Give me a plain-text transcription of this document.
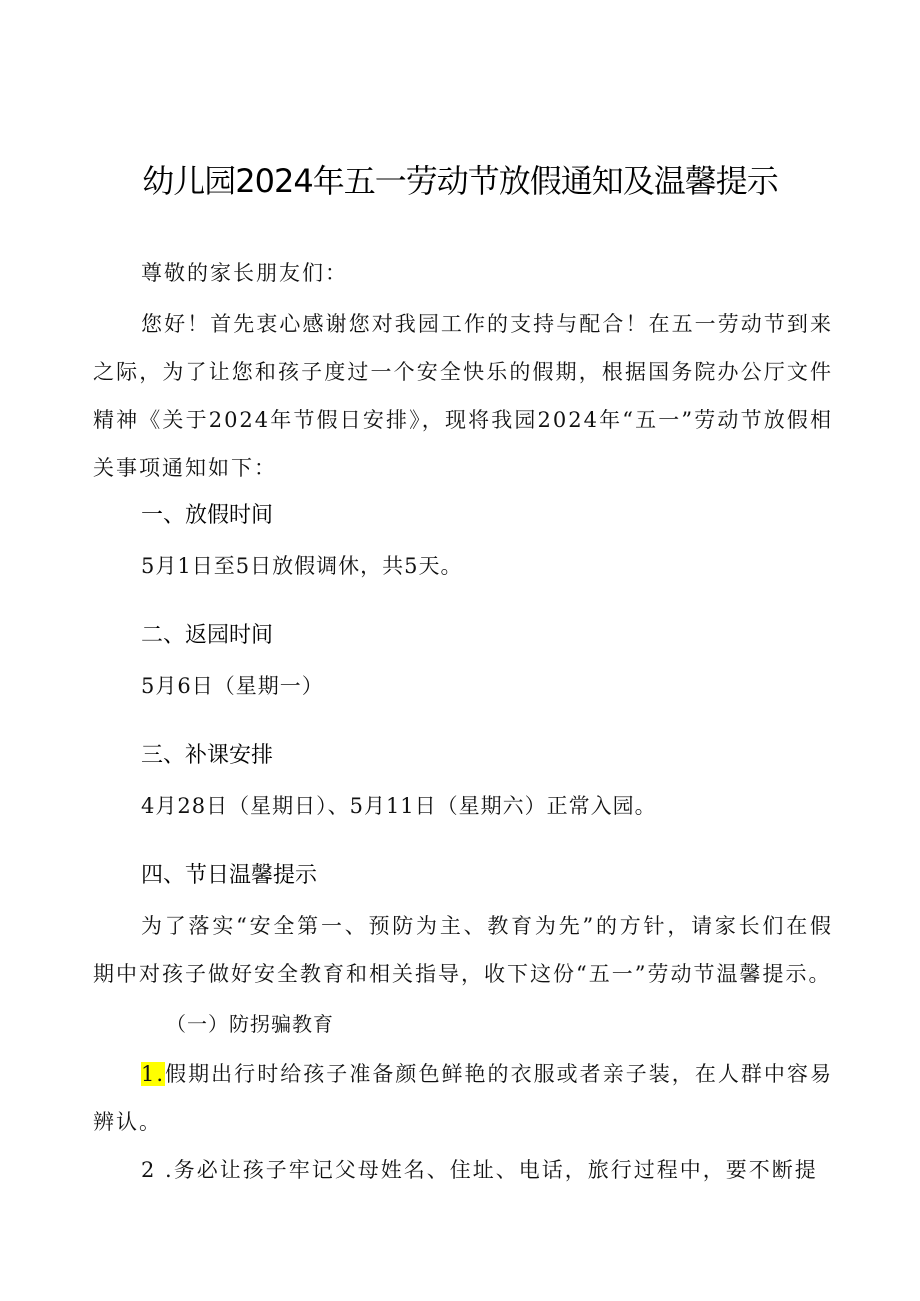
幼儿园2024年五一劳动节放假通知及温馨提示
尊敬的家长朋友们：
您好！首先衷心感谢您对我园工作的支持与配合！在五一劳动节到来之际，为了让您和孩子度过一个安全快乐的假期，根据国务院办公厅文件精神《关于2024年节假日安排》，现将我园2024年“五一”劳动节放假相关事项通知如下：
一、放假时间
5月1日至5日放假调休，共5天。
二、返园时间
5月6日（星期一）
三、补课安排
4月28日（星期日）、5月11日（星期六）正常入园。
四、节日温馨提示
为了落实“安全第一、预防为主、教育为先”的方针，请家长们在假期中对孩子做好安全教育和相关指导，收下这份“五一”劳动节温馨提示。
（一）防拐骗教育
1.假期出行时给孩子准备颜色鲜艳的衣服或者亲子装，在人群中容易辨认。
2 .务必让孩子牢记父母姓名、住址、电话，旅行过程中，要不断提
